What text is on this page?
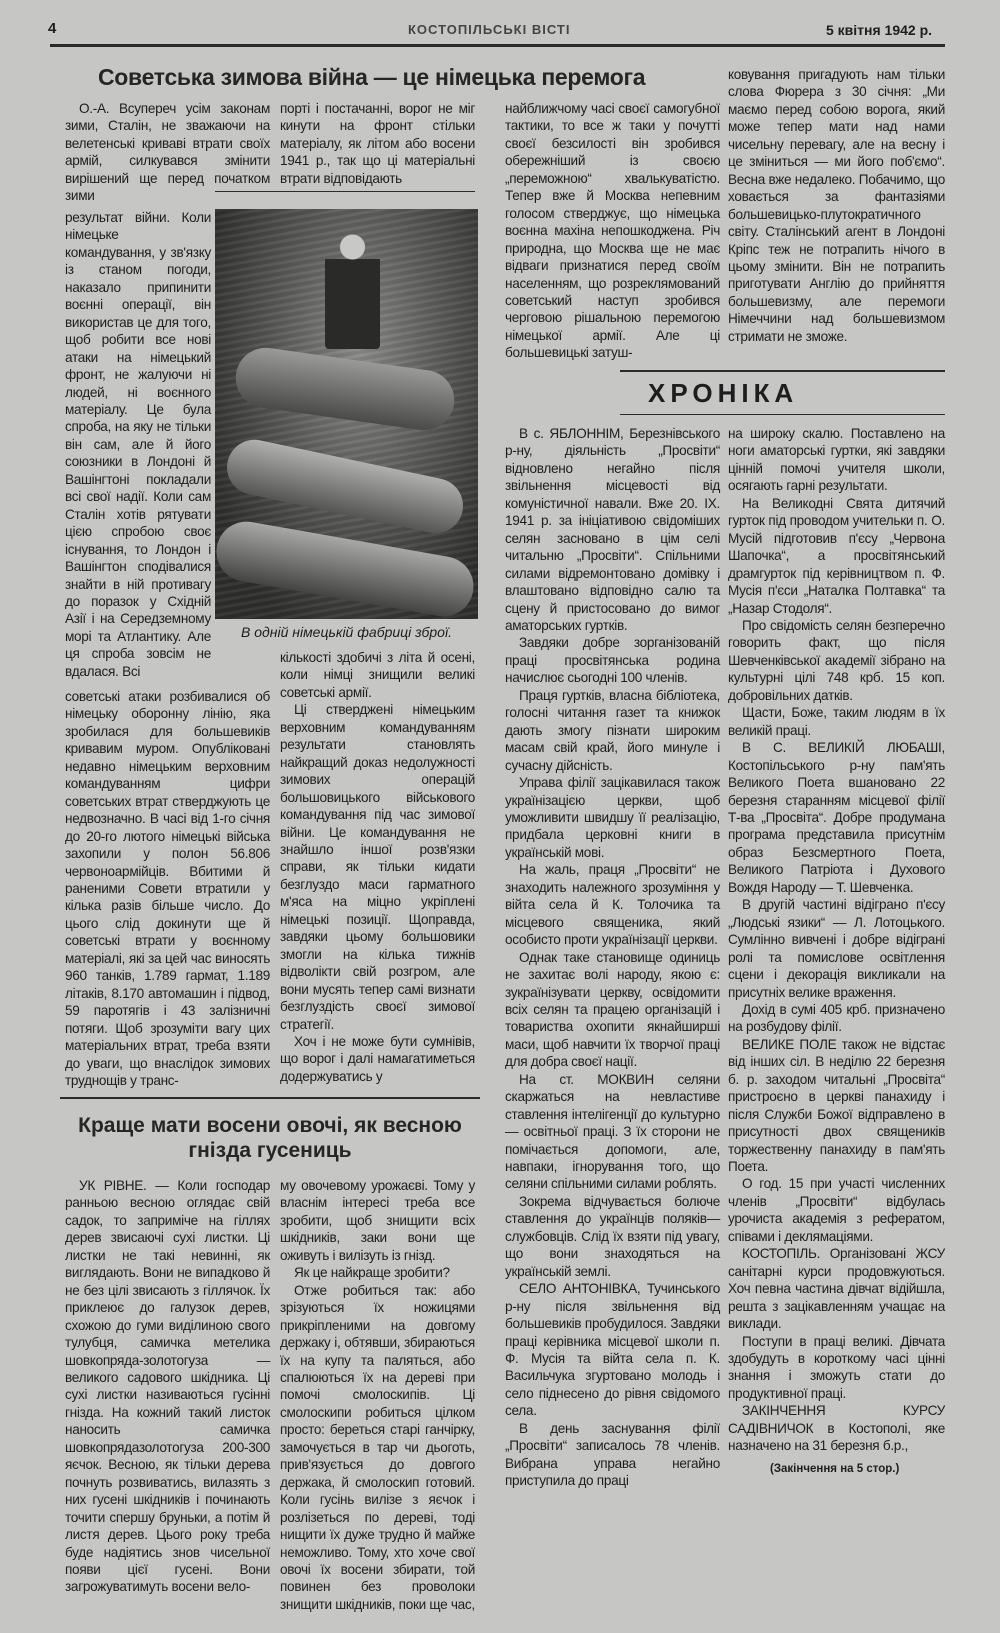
4	КОСТОПІЛЬСЬКІ ВІСТІ	5 квітня 1942 р.
Советська зимова війна — це німецька перемога

О.-А. Всупереч усім законам зими, Сталін, не зважаючи на велетенські криваві втрати своїх армій, силкувався змінити вирішений ще перед початком зими

результат війни. Коли німецьке командування, у зв'язку із станом погоди, наказало припинити воєнні операції, він використав це для того, щоб робити все нові атаки на німецький фронт, не жалуючи ні людей, ні воєнного матеріалу. Це була спроба, на яку не тільки він сам, але й його союзники в Лондоні й Вашінгтоні покладали всі свої надії. Коли сам Сталін хотів рятувати цією спробою своє існування, то Лондон і Вашінгтон сподівалися знайти в ній противагу до поразок у Східній Азії і на Середземному морі та Атлантику. Але ця спроба зовсім не вдалася. Всі

советські атаки розбивалися об німецьку оборонну лінію, яка зробилася для большевиків кривавим муром. Опубліковані недавно німецьким верховним командуванням цифри советських втрат стверджують це недвозначно. В часі від 1-го січня до 20-го лютого німецькі війська захопили у полон 56.806 червоноармійців. Вбитими й раненими Совети втратили у кілька разів більше число. До цього слід докинути ще й советські втрати у воєнному матеріалі, які за цей час виносять 960 танків, 1.789 гармат, 1.189 літаків, 8.170 автомашин і підвод, 59 паротягів і 43 залізничні потяги. Щоб зрозуміти вагу цих матеріальних втрат, треба взяти до уваги, що внаслідок зимових труднощів у транс-

порті і постачанні, ворог не міг кинути на фронт стільки матеріалу, як літом або восени 1941 р., так що ці матеріальні втрати відповідають

В одній німецькій фабриці зброї.

кількості здобичі з літа й осені, коли німці знищили великі советські армії.

Ці стверджені німецьким верховним командуванням результати становлять найкращий доказ недолужності зимових операцій большовицького військового командування під час зимової війни. Це командування не знайшло іншої розв'язки справи, як тільки кидати безглуздо маси гарматного м'яса на міцно укріплені німецькі позиції. Щоправда, завдяки цьому большовики змогли на кілька тижнів відволікти свій розгром, але вони мусять тепер самі визнати безглуздість своєї зимової стратегії.

Хоч і не може бути сумнівів, що ворог і далі намагатиметься додержуватись у

найближчому часі своєї самогубної тактики, то все ж таки у почутті своєї безсилості він зробився обережніший із своєю „переможною“ хвалькуватістю. Тепер вже й Москва непевним голосом стверджує, що німецька воєнна махіна непошкоджена. Річ природна, що Москва ще не має відваги признатися перед своїм населенням, що розреклямований советський наступ зробився черговою рішальною перемогою німецької армії. Але ці большевицькі затуш-

ковування пригадують нам тільки слова Фюрера з 30 січня: „Ми маємо перед собою ворога, який може тепер мати над нами чисельну перевагу, але на весну і це зміниться — ми його поб'ємо“. Весна вже недалеко. Побачимо, що ховається за фантазіями большевицько-плутократичного світу. Сталінський агент в Лондоні Кріпс теж не потрапить нічого в цьому змінити. Він не потрапить приготувати Англію до прийняття большевизму, але перемоги Німеччини над большевизмом стримати не зможе.

Краще мати восени овочі, як весною гнізда гусениць

УК РІВНЕ. — Коли господар ранньою весною оглядає свій садок, то заприміче на гіллях дерев звисаючі сухі листки. Ці листки не такі невинні, як виглядають. Вони не випадково й не без цілі звисають з гіллячок. Їх приклеює до галузок дерев, схожою до гуми виділиною свого тулубця, самичка метелика шовкопряда-золотогуза — великого садового шкідника. Ці сухі листки називаються гусінні гнізда. На кожний такий листок наносить самичка шовкопрядазолотогуза 200-300 яєчок. Весною, як тільки дерева почнуть розвиватись, вилазять з них гусені шкідників і починають точити спершу бруньки, а потім й листя дерев. Цього року треба буде надіятись знов чисельної появи цієї гусені. Вони загрожуватимуть восени вело-

му овочевому урожаєві. Тому у власнім інтересі треба все зробити, щоб знищити всіх шкідників, заки вони ще оживуть і вилізуть із гнізд.

Як це найкраще зробити?

Отже робиться так: або зрізуються їх ножицями прикріпленими на довгому держаку і, обтявши, збираються їх на купу та паляться, або спалюються їх на дереві при помочі смолоскипів. Ці смолоскипи робиться цілком просто: береться старі ганчірку, замочується в тар чи дьоготь, прив'язується до довгого держака, й смолоскип готовий. Коли гусінь вилізе з яєчок і розлізеться по дереві, тоді нищити їх дуже трудно й майже неможливо. Тому, хто хоче свої овочі їх восени збирати, той повинен без проволоки знищити шкідників, поки ще час,

ХРОНІКА

В с. ЯБЛОННІМ, Березнівського р-ну, діяльність „Просвіти“ відновлено негайно після звільнення місцевості від комуністичної навали. Вже 20. IX. 1941 р. за ініціативою свідоміших селян засновано в цім селі читальню „Просвіти“. Спільними силами відремонтовано домівку і влаштовано відповідно салю та сцену й пристосовано до вимог аматорських гуртків.

Завдяки добре зорганізованій праці просвітянська родина начислює сьогодні 100 членів.

Праця гуртків, власна бібліотека, голосні читання газет та книжок дають змогу пізнати широким масам свій край, його минуле і сучасну дійсність.

Управа філії зацікавилася також українізацією церкви, щоб уможливити швидшу її реалізацію, придбала церковні книги в українській мові.

На жаль, праця „Просвіти“ не знаходить належного зрозуміння у війта села й К. Толочика та місцевого священика, який особисто проти українізації церкви.

Однак таке становище одиниць не захитає волі народу, якою є: зукраїнізувати церкву, освідомити всіх селян та працею організацій і товариства охопити якнайширші маси, щоб навчити їх творчої праці для добра своєї нації.

На ст. МОКВИН селяни скаржаться на невластиве ставлення інтелігенції до культурно — освітньої праці. З їх сторони не помічається допомоги, але, навпаки, ігнорування того, що селяни спільними силами роблять.

Зокрема відчувається болюче ставлення до українців поляків—службовців. Слід їх взяти під увагу, що вони знаходяться на українській землі.

СЕЛО АНТОНІВКА, Тучинського р-ну після звільнення від большевиків пробудилося. Завдяки праці керівника місцевої школи п. Ф. Мусія та війта села п. К. Васильчука згуртовано молодь і село піднесено до рівня свідомого села.

В день заснування філії „Просвіти“ записалось 78 членів. Вибрана управа негайно приступила до праці

на широку скалю. Поставлено на ноги аматорські гуртки, які завдяки цінній помочі учителя школи, осягають гарні результати.

На Великодні Свята дитячий гурток під проводом учительки п. О. Мусій підготовив п'єсу „Червона Шапочка“, а просвітянський драмгурток під керівництвом п. Ф. Мусія п'єси „Наталка Полтавка“ та „Назар Стодоля“.

Про свідомість селян безперечно говорить факт, що після Шевченківської академії зібрано на культурні цілі 748 крб. 15 коп. добровільних датків.

Щасти, Боже, таким людям в їх великій праці.

В С. ВЕЛИКІЙ ЛЮБАШІ, Костопільського р-ну пам'ять Великого Поета вшановано 22 березня старанням місцевої філії Т-ва „Просвіта“. Добре продумана програма представила присутнім образ Безсмертного Поета, Великого Патріота і Духового Вождя Народу — Т. Шевченка.

В другій частині відіграно п'єсу „Людські язики“ — Л. Лотоцького. Сумлінно вивчені і добре відіграні ролі та помислове освітлення сцени і декорація викликали на присутніх велике враження.

Дохід в сумі 405 крб. призначено на розбудову філії.

ВЕЛИКЕ ПОЛЕ також не відстає від інших сіл. В неділю 22 березня б. р. заходом читальні „Просвіта“ пристроєно в церкві панахиду і після Служби Божої відправлено в присутності двох священиків торжественну панахиду в пам'ять Поета.

О год. 15 при участі численних членів „Просвіти“ відбулась урочиста академія з рефератом, співами і деклямаціями.

КОСТОПІЛЬ. Організовані ЖСУ санітарні курси продовжуються. Хоч певна частина дівчат відійшла, решта з зацікавленням учащає на виклади.

Поступи в праці великі. Дівчата здобудуть в короткому часі цінні знання і зможуть стати до продуктивної праці.

ЗАКІНЧЕННЯ КУРСУ САДІВНИЧОК в Костополі, яке назначено на 31 березня б.р.,

(Закінчення на 5 стор.)
